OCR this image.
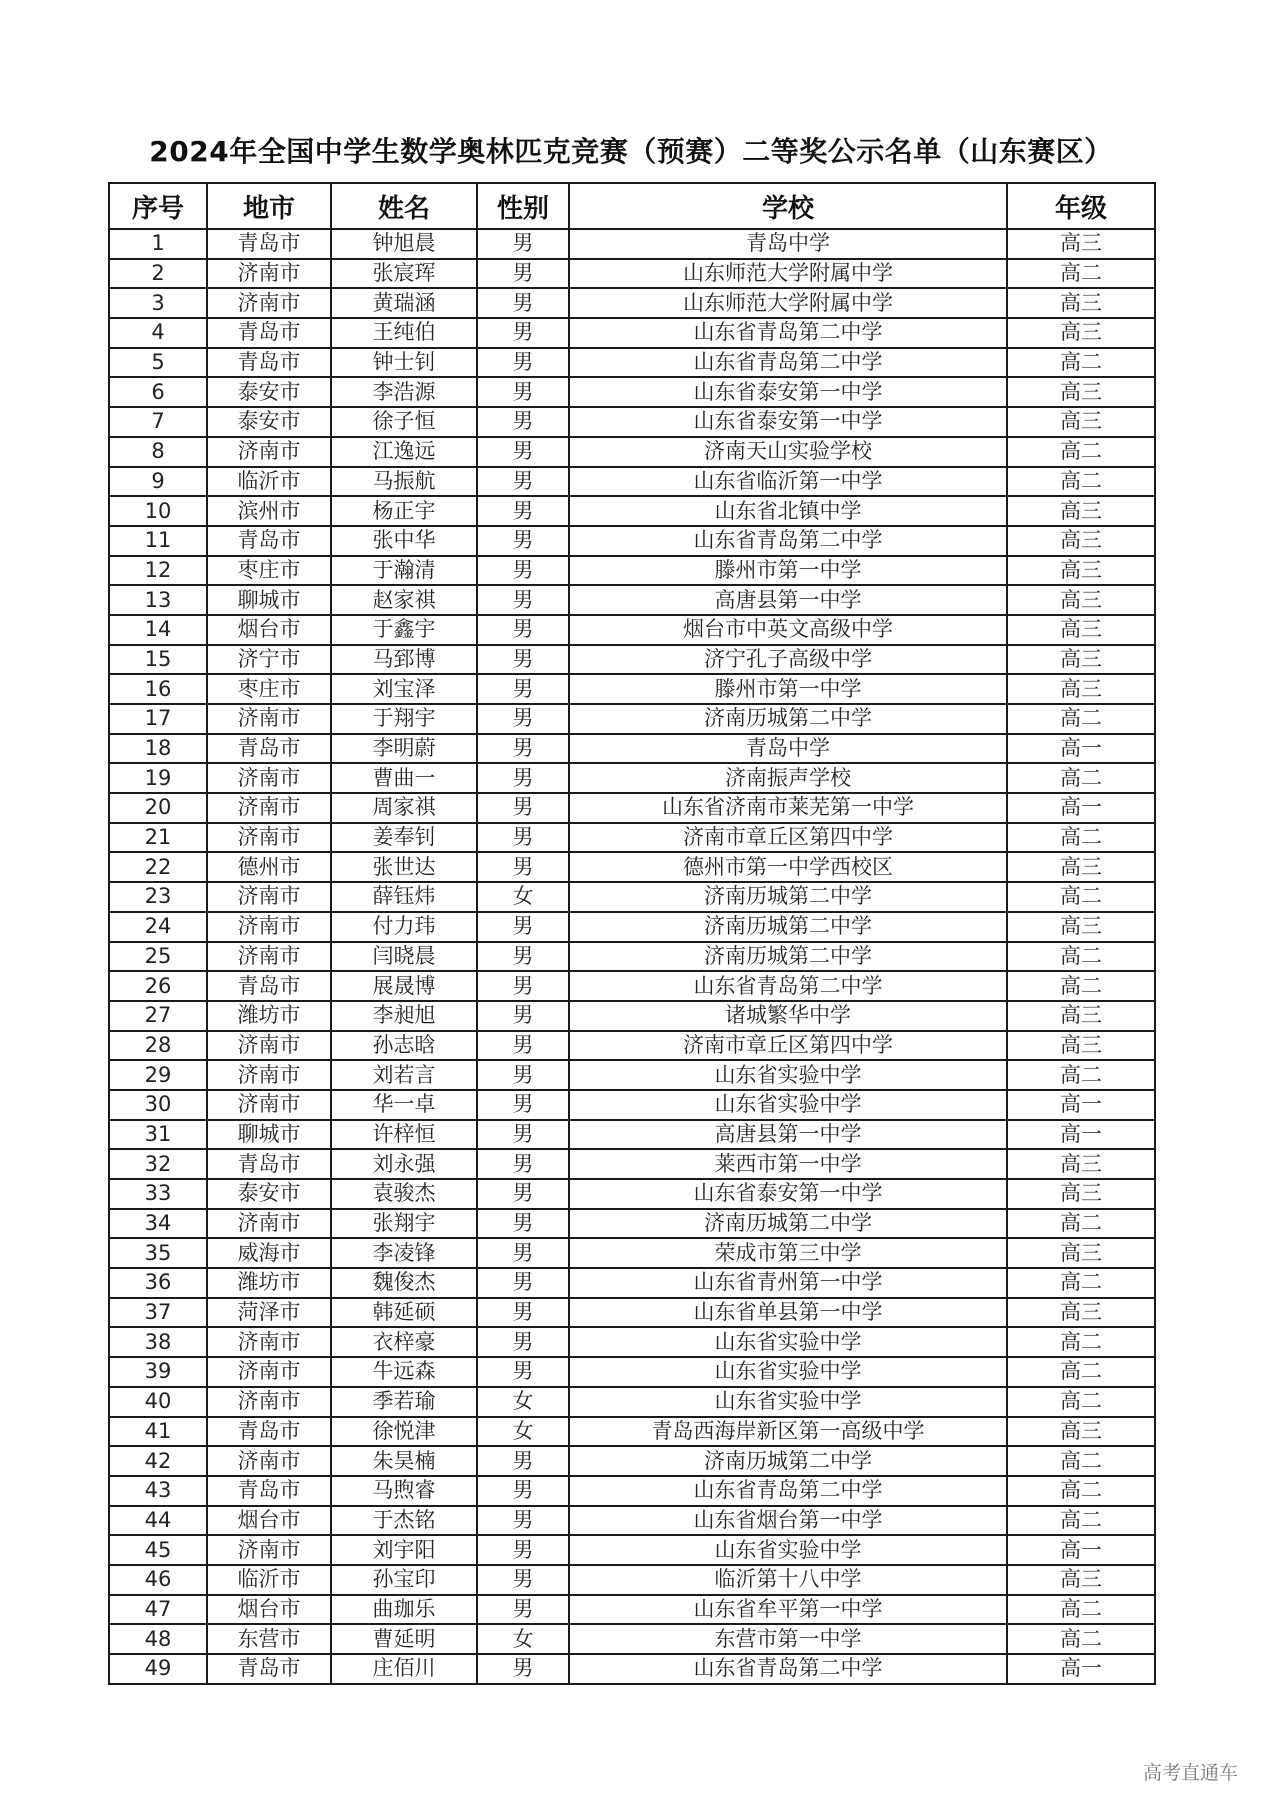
2024年全国中学生数学奥林匹克竞赛（预赛）二等奖公示名单（山东赛区）
序号	地市	姓名	性别	学校	年级
1	青岛市	钟旭晨	男	青岛中学	高三
2	济南市	张宸珲	男	山东师范大学附属中学	高二
3	济南市	黄瑞涵	男	山东师范大学附属中学	高三
4	青岛市	王纯伯	男	山东省青岛第二中学	高三
5	青岛市	钟士钊	男	山东省青岛第二中学	高二
6	泰安市	李浩源	男	山东省泰安第一中学	高三
7	泰安市	徐子恒	男	山东省泰安第一中学	高三
8	济南市	江逸远	男	济南天山实验学校	高二
9	临沂市	马振航	男	山东省临沂第一中学	高二
10	滨州市	杨正宇	男	山东省北镇中学	高三
11	青岛市	张中华	男	山东省青岛第二中学	高三
12	枣庄市	于瀚清	男	滕州市第一中学	高三
13	聊城市	赵家祺	男	高唐县第一中学	高三
14	烟台市	于鑫宇	男	烟台市中英文高级中学	高三
15	济宁市	马郅博	男	济宁孔子高级中学	高三
16	枣庄市	刘宝泽	男	滕州市第一中学	高三
17	济南市	于翔宇	男	济南历城第二中学	高二
18	青岛市	李明蔚	男	青岛中学	高一
19	济南市	曹曲一	男	济南振声学校	高二
20	济南市	周家祺	男	山东省济南市莱芜第一中学	高一
21	济南市	姜奉钊	男	济南市章丘区第四中学	高二
22	德州市	张世达	男	德州市第一中学西校区	高三
23	济南市	薛钰炜	女	济南历城第二中学	高二
24	济南市	付力玮	男	济南历城第二中学	高三
25	济南市	闫晓晨	男	济南历城第二中学	高二
26	青岛市	展晟博	男	山东省青岛第二中学	高二
27	潍坊市	李昶旭	男	诸城繁华中学	高三
28	济南市	孙志晗	男	济南市章丘区第四中学	高三
29	济南市	刘若言	男	山东省实验中学	高二
30	济南市	华一卓	男	山东省实验中学	高一
31	聊城市	许梓恒	男	高唐县第一中学	高一
32	青岛市	刘永强	男	莱西市第一中学	高三
33	泰安市	袁骏杰	男	山东省泰安第一中学	高三
34	济南市	张翔宇	男	济南历城第二中学	高二
35	威海市	李凌锋	男	荣成市第三中学	高三
36	潍坊市	魏俊杰	男	山东省青州第一中学	高二
37	菏泽市	韩延硕	男	山东省单县第一中学	高三
38	济南市	衣梓豪	男	山东省实验中学	高二
39	济南市	牛远森	男	山东省实验中学	高二
40	济南市	季若瑜	女	山东省实验中学	高二
41	青岛市	徐悦津	女	青岛西海岸新区第一高级中学	高三
42	济南市	朱昊楠	男	济南历城第二中学	高二
43	青岛市	马煦睿	男	山东省青岛第二中学	高二
44	烟台市	于杰铭	男	山东省烟台第一中学	高二
45	济南市	刘宇阳	男	山东省实验中学	高一
46	临沂市	孙宝印	男	临沂第十八中学	高三
47	烟台市	曲珈乐	男	山东省牟平第一中学	高二
48	东营市	曹延明	女	东营市第一中学	高二
49	青岛市	庄佰川	男	山东省青岛第二中学	高一
高考直通车
